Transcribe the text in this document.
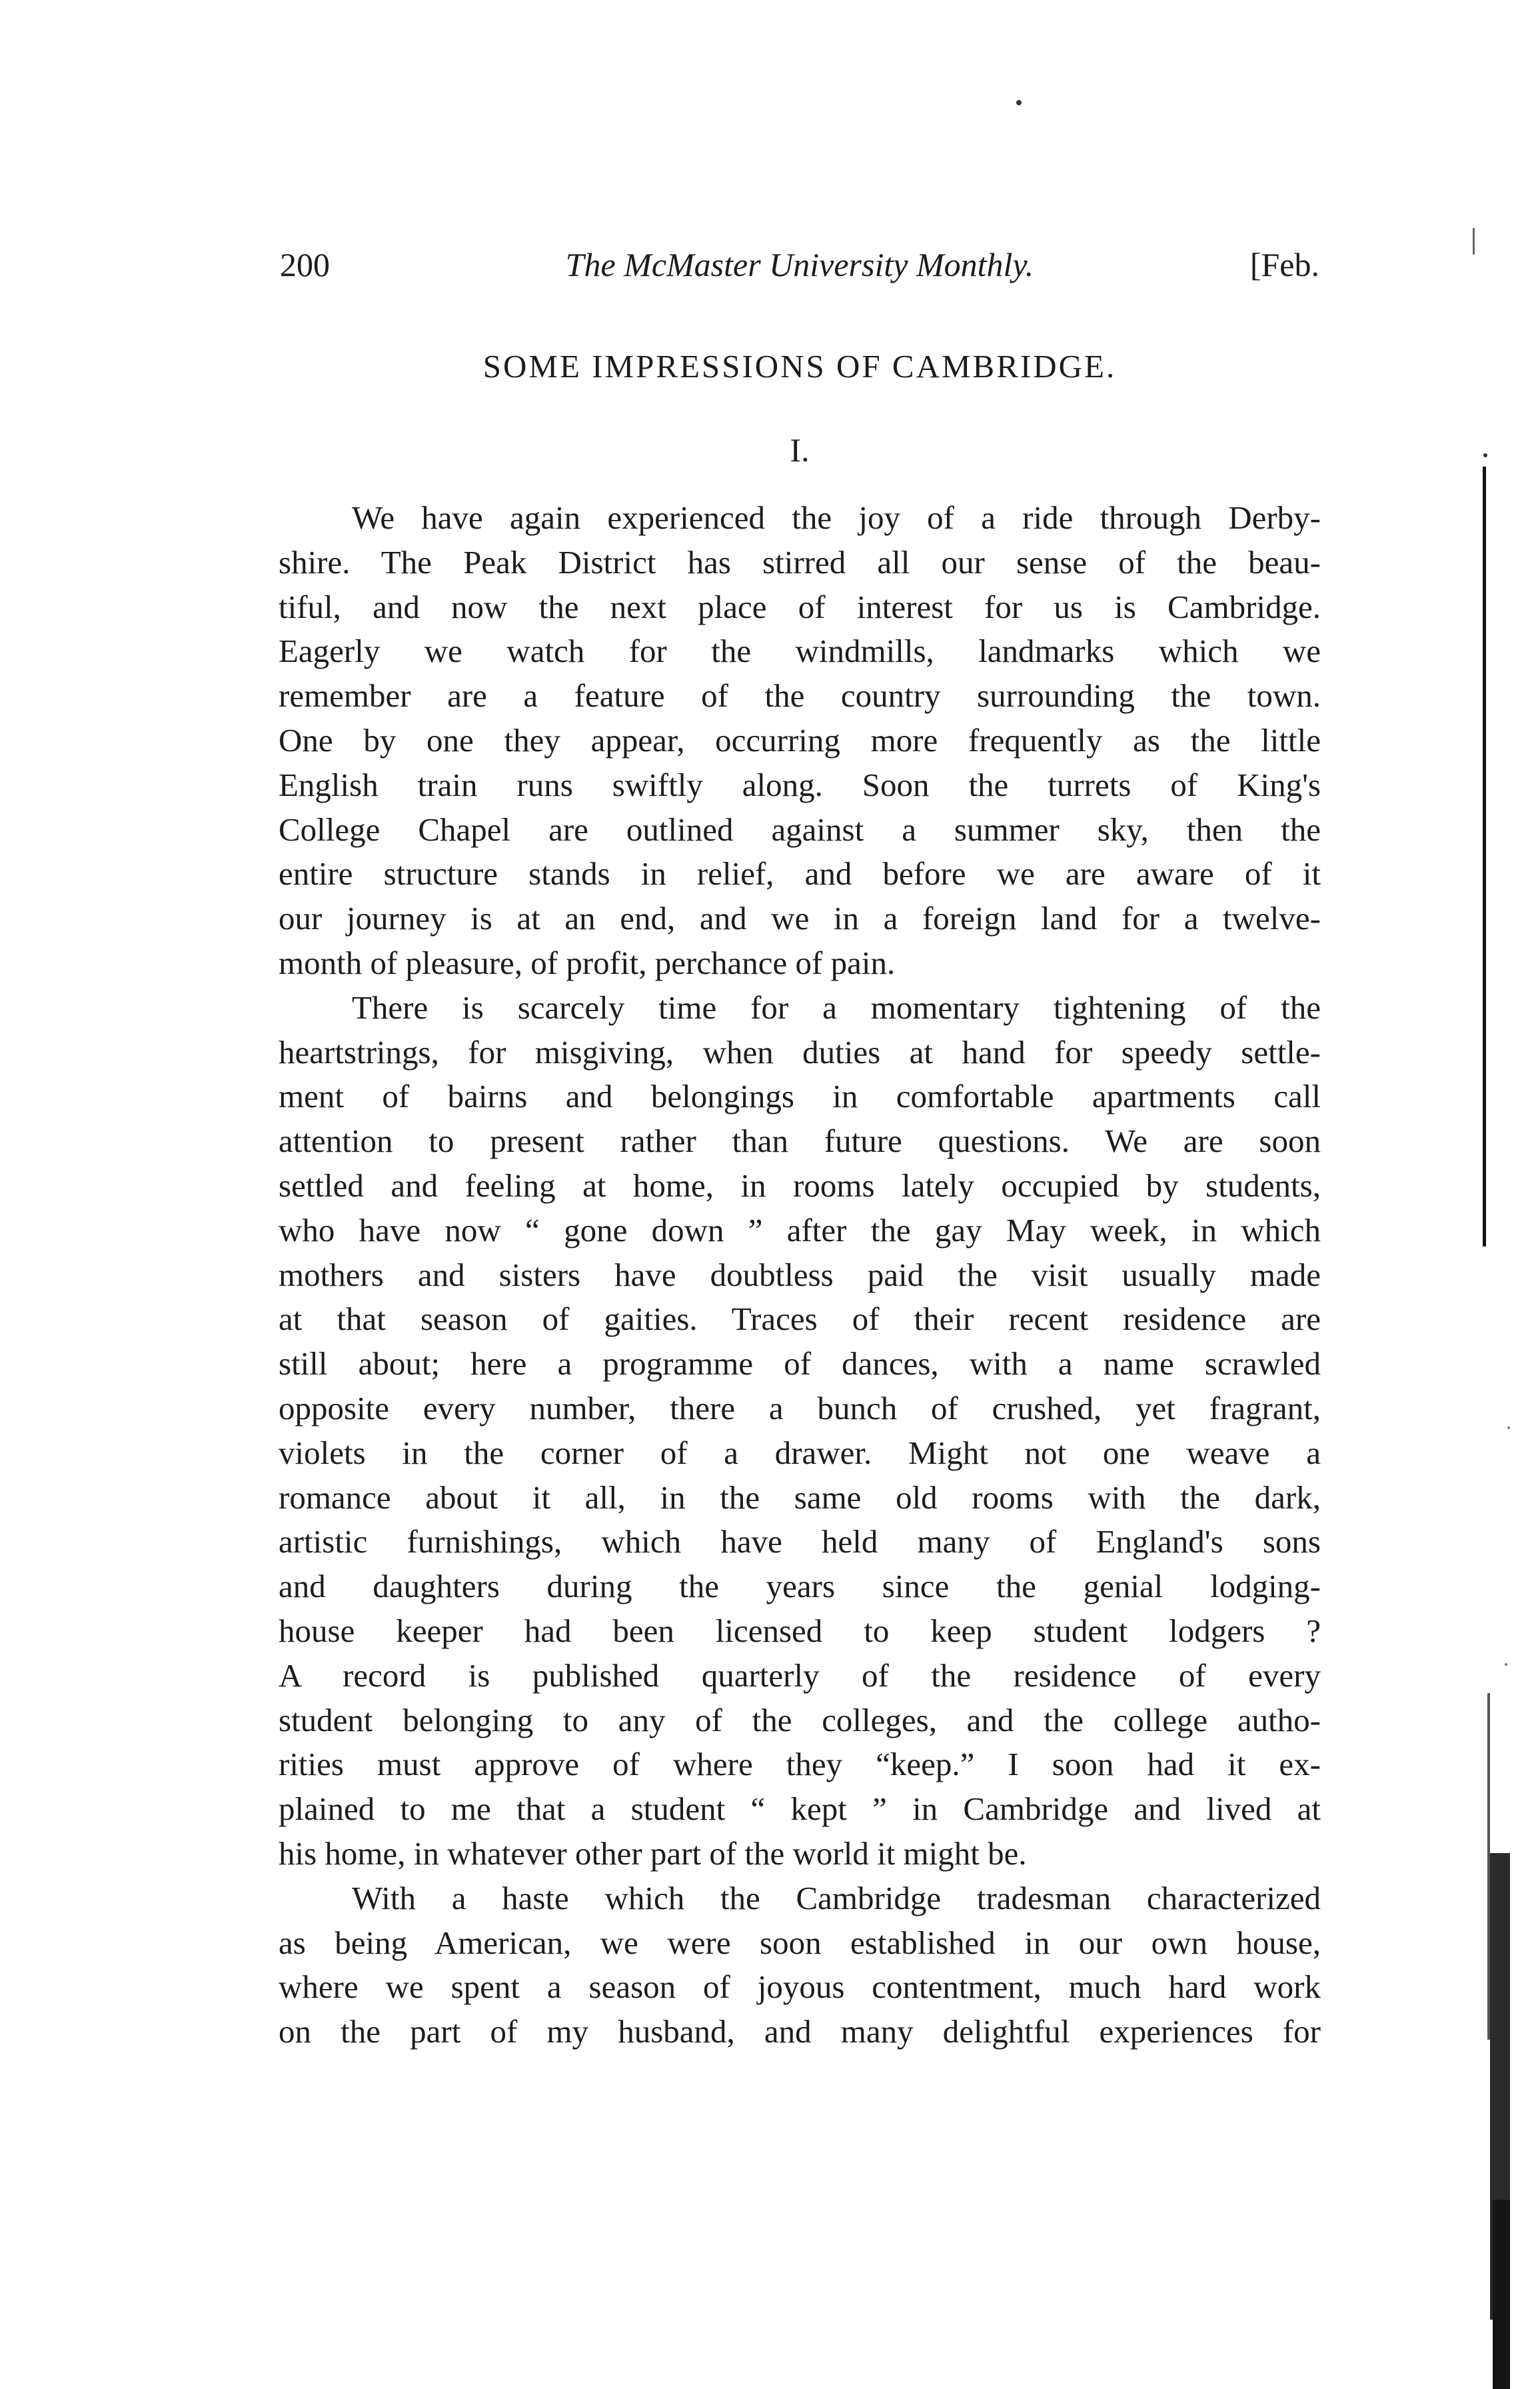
200	The McMaster University Monthly.	[Feb.
SOME IMPRESSIONS OF CAMBRIDGE.
I.
We have again experienced the joy of a ride through Derby-
shire. The Peak District has stirred all our sense of the beau-
tiful, and now the next place of interest for us is Cambridge.
Eagerly we watch for the windmills, landmarks which we
remember are a feature of the country surrounding the town.
One by one they appear, occurring more frequently as the little
English train runs swiftly along. Soon the turrets of King's
College Chapel are outlined against a summer sky, then the
entire structure stands in relief, and before we are aware of it
our journey is at an end, and we in a foreign land for a twelve-
month of pleasure, of profit, perchance of pain.
There is scarcely time for a momentary tightening of the
heartstrings, for misgiving, when duties at hand for speedy settle-
ment of bairns and belongings in comfortable apartments call
attention to present rather than future questions. We are soon
settled and feeling at home, in rooms lately occupied by students,
who have now “ gone down ” after the gay May week, in which
mothers and sisters have doubtless paid the visit usually made
at that season of gaities. Traces of their recent residence are
still about; here a programme of dances, with a name scrawled
opposite every number, there a bunch of crushed, yet fragrant,
violets in the corner of a drawer. Might not one weave a
romance about it all, in the same old rooms with the dark,
artistic furnishings, which have held many of England's sons
and daughters during the years since the genial lodging-
house keeper had been licensed to keep student lodgers ?
A record is published quarterly of the residence of every
student belonging to any of the colleges, and the college autho-
rities must approve of where they “keep.” I soon had it ex-
plained to me that a student “ kept ” in Cambridge and lived at
his home, in whatever other part of the world it might be.
With a haste which the Cambridge tradesman characterized
as being American, we were soon established in our own house,
where we spent a season of joyous contentment, much hard work
on the part of my husband, and many delightful experiences for
